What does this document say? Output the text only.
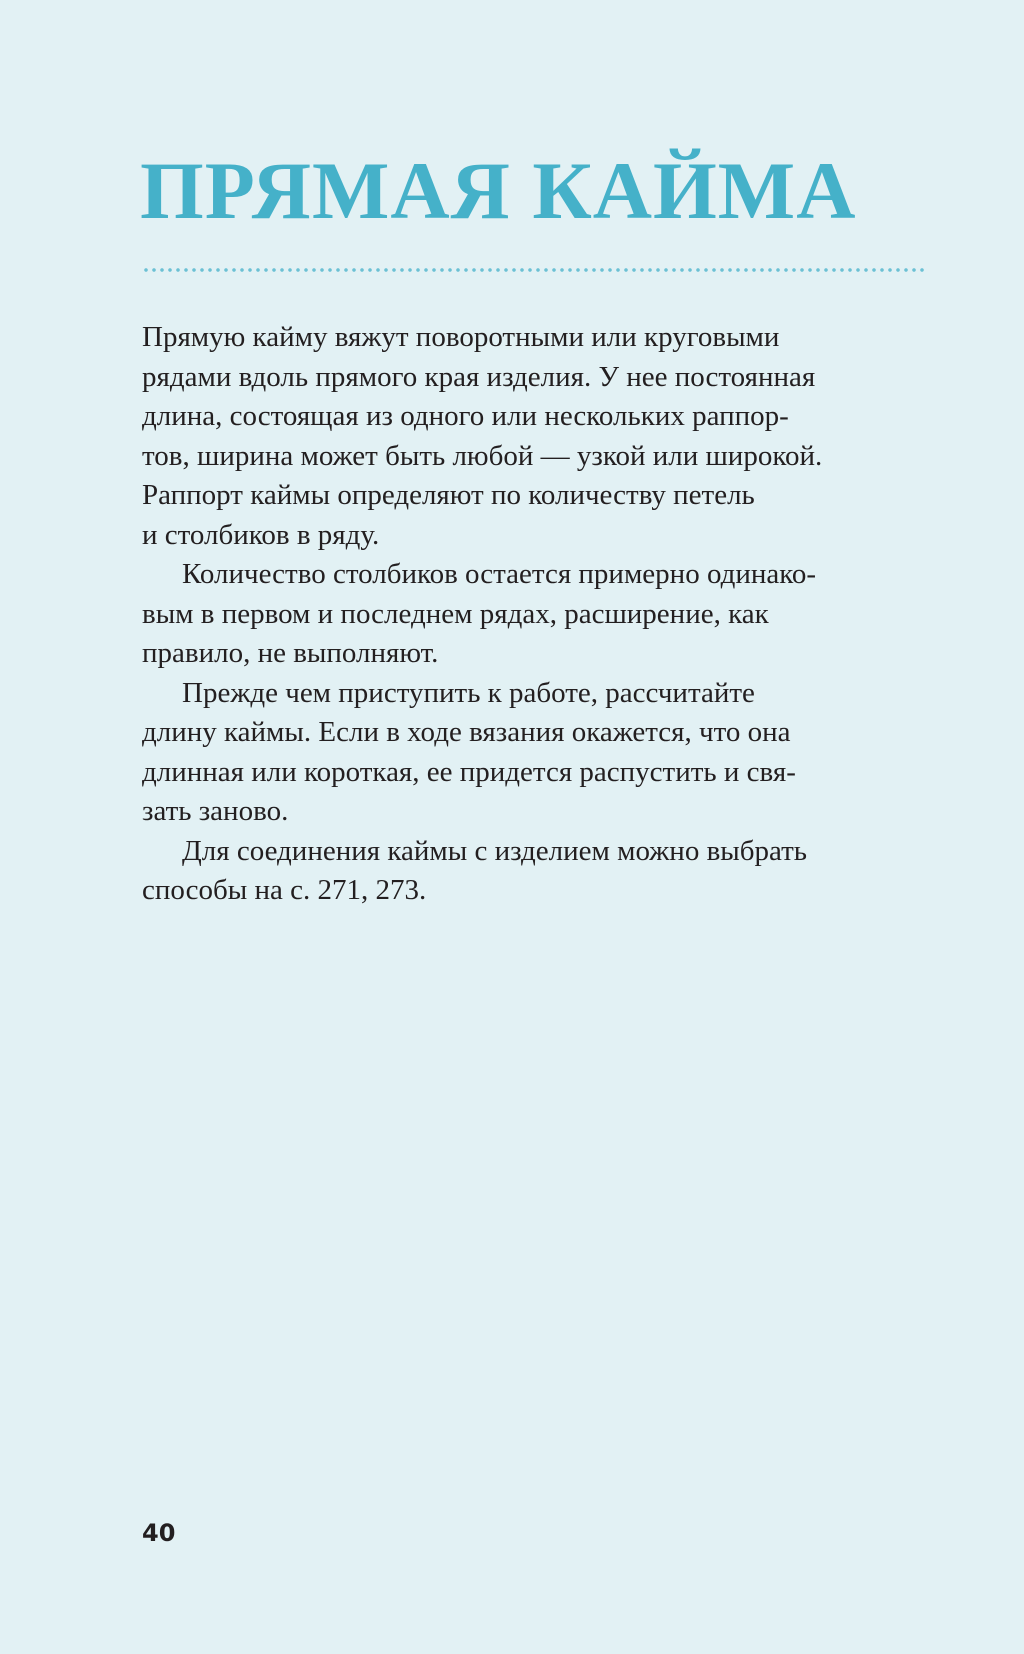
ПРЯМАЯ КАЙМА
Прямую кайму вяжут поворотными или круговыми
рядами вдоль прямого края изделия. У нее постоянная
длина, состоящая из одного или нескольких раппор-
тов, ширина может быть любой — узкой или широкой.
Раппорт каймы определяют по количеству петель
и столбиков в ряду.
Количество столбиков остается примерно одинако-
вым в первом и последнем рядах, расширение, как
правило, не выполняют.
Прежде чем приступить к работе, рассчитайте
длину каймы. Если в ходе вязания окажется, что она
длинная или короткая, ее придется распустить и свя-
зать заново.
Для соединения каймы с изделием можно выбрать
способы на с. 271, 273.
40
